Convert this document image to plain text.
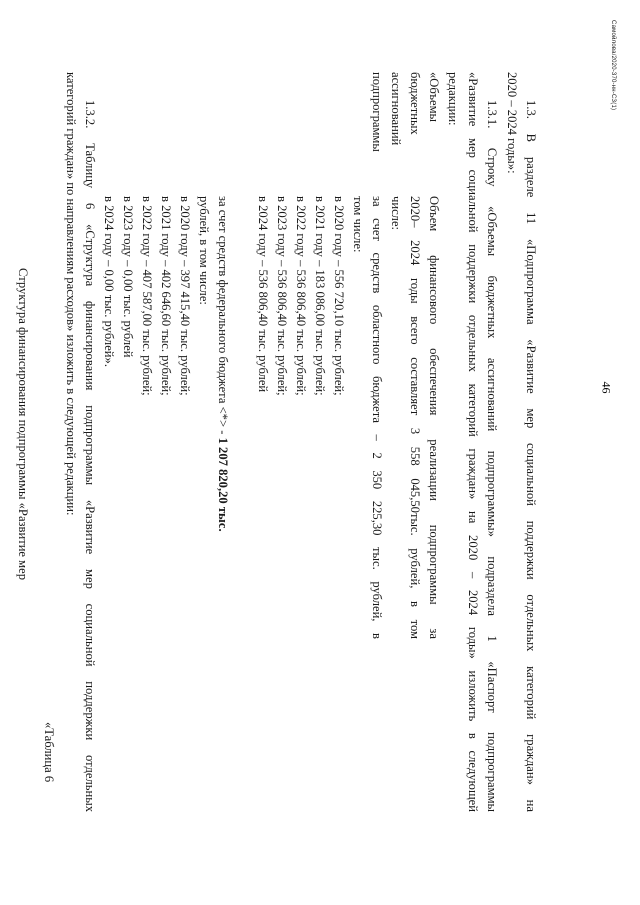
Самойлова/2020-370-нн-СЗ(1)
1.3. В разделе 11 «Подпрограмма «Развитие мер социальной поддержки отдельных категорий граждан» на
2020 – 2024 годы»:
1.3.1. Строку «Объемы бюджетных ассигнований подпрограммы» подраздела 1 «Паспорт подпрограммы
«Развитие мер социальной поддержки отдельных категорий граждан» на 2020 – 2024 годы» изложить в следующей
редакции:
«Объемы
бюджетных
ассигнований
подпрограммы
Объем финансового обеспечения реализации подпрограммы за
2020– 2024 годы всего составляет 3 558 045,50тыс. рублей, в том
числе:
за счет средств областного бюджета – 2 350 225,30 тыс. рублей, в
том числе:
в 2020 году – 556 720,10 тыс. рублей;
в 2021 году – 183 086,00 тыс. рублей;
в 2022 году – 536 806,40 тыс. рублей;
в 2023 году – 536 806,40 тыс. рублей;
в 2024 году – 536 806,40 тыс. рублей
за счет средств федерального бюджета <*> - 1 207 820,20 тыс.
рублей, в том числе:
в 2020 году – 397 415,40 тыс. рублей;
в 2021 году – 402 646,60 тыс. рублей;
в 2022 году – 407 587,00 тыс. рублей;
в 2023 году – 0,00 тыс. рублей
в 2024 году – 0,00 тыс. рублей».
1.3.2. Таблицу 6 «Структура финансирования подпрограммы «Развитие мер социальной поддержки отдельных
категорий граждан» по направлениям расходов» изложить в следующей редакции:
«Таблица 6
Структура финансирования подпрограммы «Развитие мер	46
